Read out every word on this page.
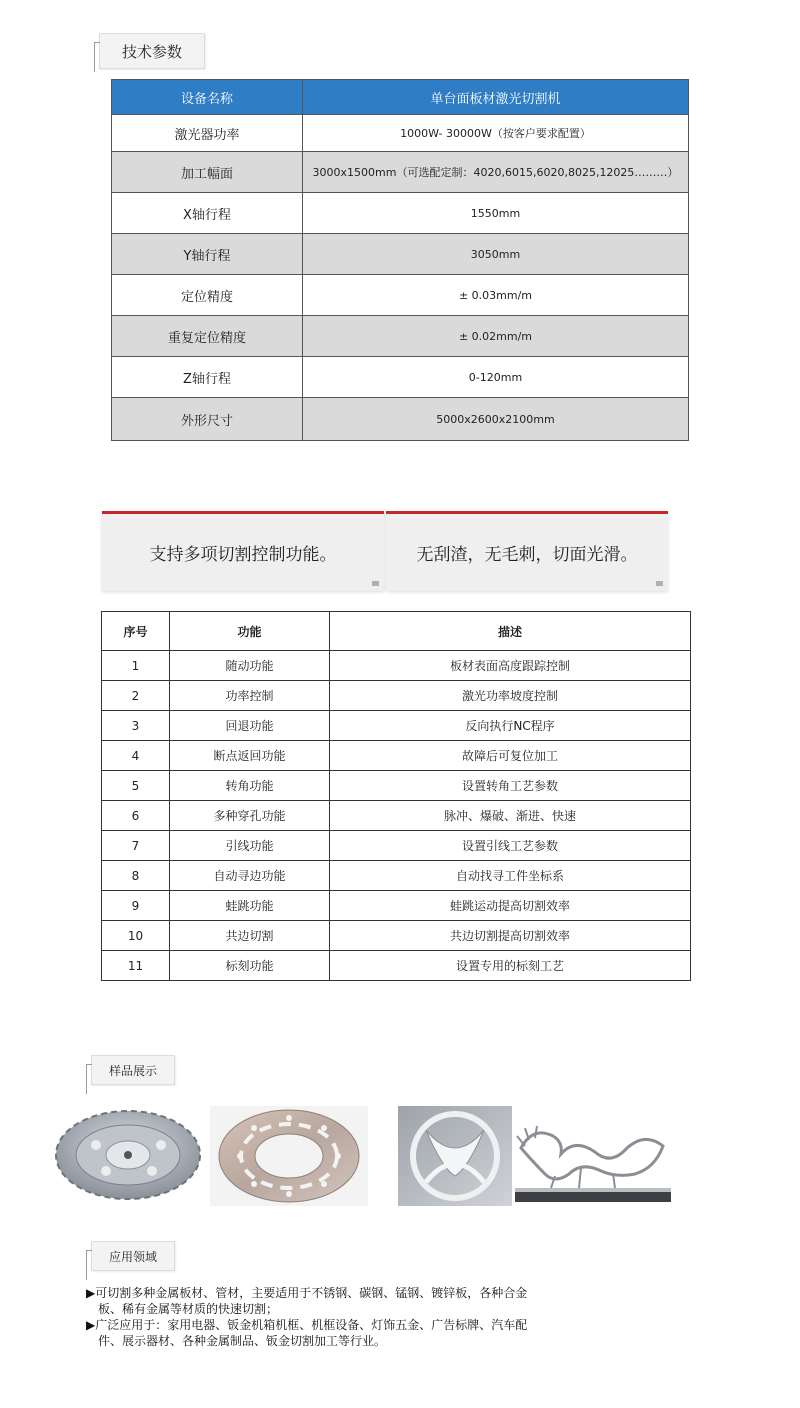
技术参数
设备名称	单台面板材激光切割机
激光器功率	1000W- 30000W（按客户要求配置）
加工幅面	3000x1500mm（可选配定制：4020,6015,6020,8025,12025………）
X轴行程	1550mm
Y轴行程	3050mm
定位精度	± 0.03mm/m
重复定位精度	± 0.02mm/m
Z轴行程	0-120mm
外形尺寸	5000x2600x2100mm
支持多项切割控制功能。	无刮渣，无毛刺，切面光滑。
序号	功能	描述
1	随动功能	板材表面高度跟踪控制
2	功率控制	激光功率坡度控制
3	回退功能	反向执行NC程序
4	断点返回功能	故障后可复位加工
5	转角功能	设置转角工艺参数
6	多种穿孔功能	脉冲、爆破、渐进、快速
7	引线功能	设置引线工艺参数
8	自动寻边功能	自动找寻工件坐标系
9	蛙跳功能	蛙跳运动提高切割效率
10	共边切割	共边切割提高切割效率
11	标刻功能	设置专用的标刻工艺
样品展示
应用领域
▶可切割多种金属板材、管材，主要适用于不锈钢、碳钢、锰钢、镀锌板，各种合金
板、稀有金属等材质的快速切割；
▶广泛应用于：家用电器、钣金机箱机框、机框设备、灯饰五金、广告标牌、汽车配
件、展示器材、各种金属制品、钣金切割加工等行业。
